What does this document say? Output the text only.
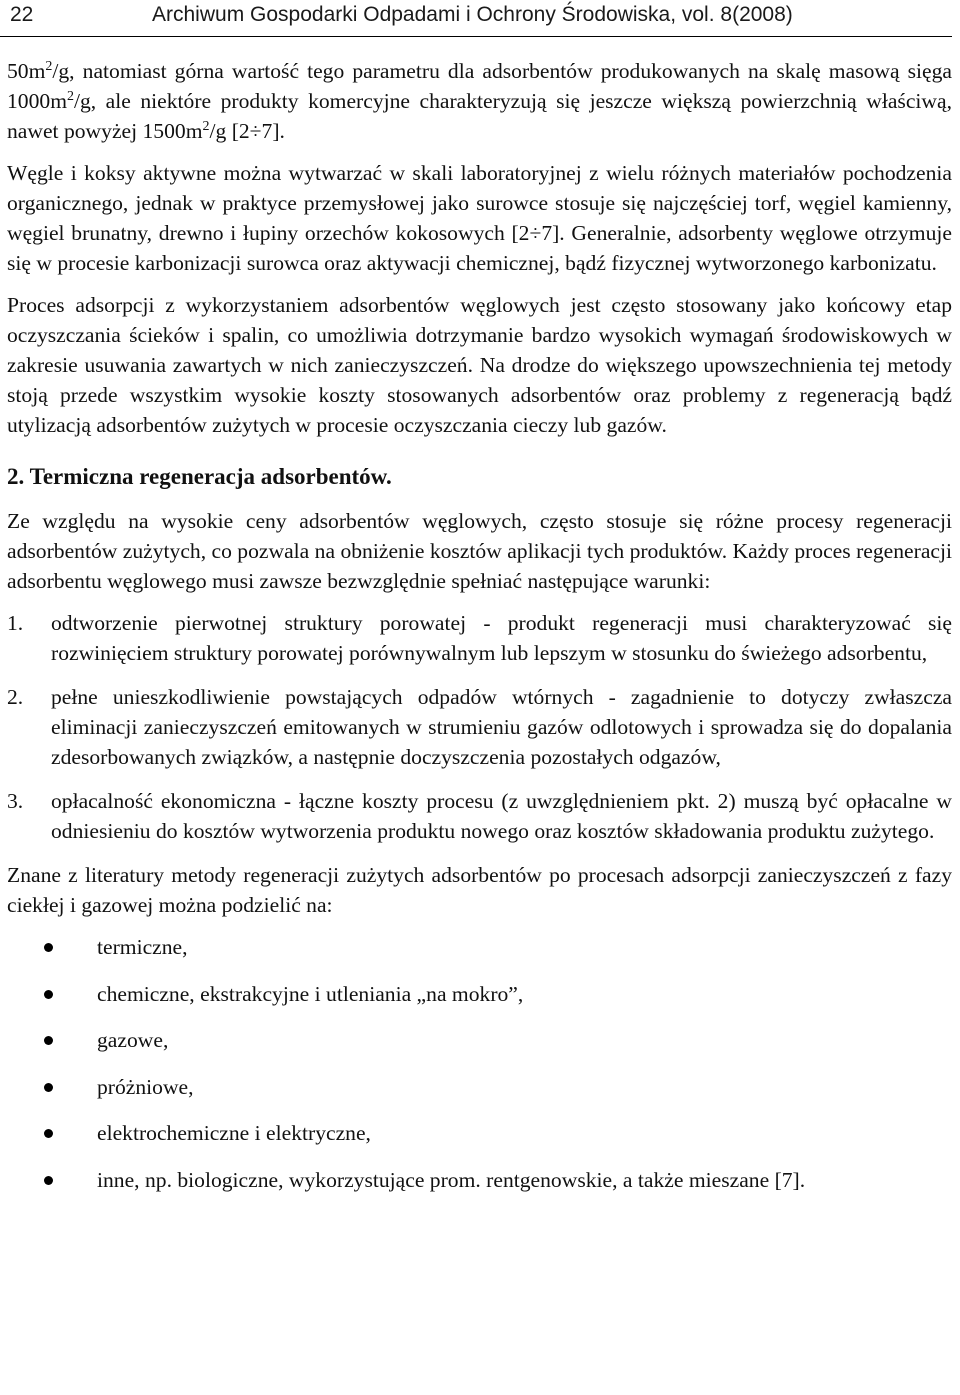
22	Archiwum Gospodarki Odpadami i Ochrony Środowiska, vol. 8(2008)

$50m^2/g$, natomiast górna wartość tego parametru dla adsorbentów produkowanych na skalę masową sięga $1000m^2/g$, ale niektóre produkty komercyjne charakteryzują się jeszcze większą powierzchnią właściwą, nawet powyżej $1500m^2/g$ [2÷7].

Węgle i koksy aktywne można wytwarzać w skali laboratoryjnej z wielu różnych materiałów pochodzenia organicznego, jednak w praktyce przemysłowej jako surowce stosuje się najczęściej torf, węgiel kamienny, węgiel brunatny, drewno i łupiny orzechów kokosowych [2÷7]. Generalnie, adsorbenty węglowe otrzymuje się w procesie karbonizacji surowca oraz aktywacji chemicznej, bądź fizycznej wytworzonego karbonizatu.

Proces adsorpcji z wykorzystaniem adsorbentów węglowych jest często stosowany jako końcowy etap oczyszczania ścieków i spalin, co umożliwia dotrzymanie bardzo wysokich wymagań środowiskowych w zakresie usuwania zawartych w nich zanieczyszczeń. Na drodze do większego upowszechnienia tej metody stoją przede wszystkim wysokie koszty stosowanych adsorbentów oraz problemy z regeneracją bądź utylizacją adsorbentów zużytych w procesie oczyszczania cieczy lub gazów.

2. Termiczna regeneracja adsorbentów.

Ze względu na wysokie ceny adsorbentów węglowych, często stosuje się różne procesy regeneracji adsorbentów zużytych, co pozwala na obniżenie kosztów aplikacji tych produktów. Każdy proces regeneracji adsorbentu węglowego musi zawsze bezwzględnie spełniać następujące warunki:

1. odtworzenie pierwotnej struktury porowatej - produkt regeneracji musi charakteryzować się rozwinięciem struktury porowatej porównywalnym lub lepszym w stosunku do świeżego adsorbentu,
2. pełne unieszkodliwienie powstających odpadów wtórnych - zagadnienie to dotyczy zwłaszcza eliminacji zanieczyszczeń emitowanych w strumieniu gazów odlotowych i sprowadza się do dopalania zdesorbowanych związków, a następnie doczyszczenia pozostałych odgazów,
3. opłacalność ekonomiczna - łączne koszty procesu (z uwzględnieniem pkt. 2) muszą być opłacalne w odniesieniu do kosztów wytworzenia produktu nowego oraz kosztów składowania produktu zużytego.

Znane z literatury metody regeneracji zużytych adsorbentów po procesach adsorpcji zanieczyszczeń z fazy ciekłej i gazowej można podzielić na:

termiczne,
chemiczne, ekstrakcyjne i utleniania „na mokro”,
gazowe,
próżniowe,
elektrochemiczne i elektryczne,
inne, np. biologiczne, wykorzystujące prom. rentgenowskie, a także mieszane [7].
